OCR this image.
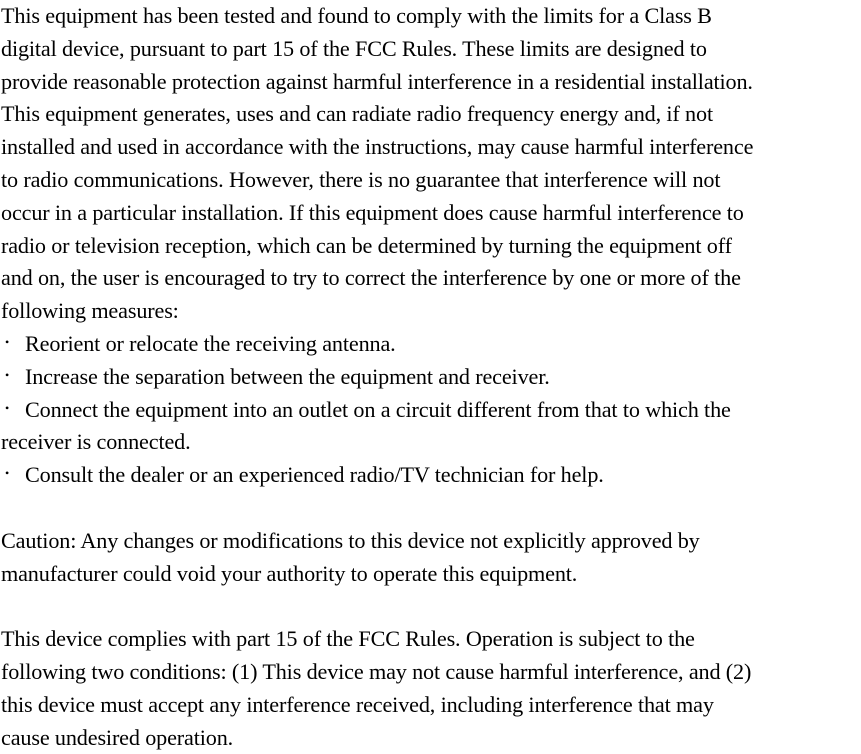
This equipment has been tested and found to comply with the limits for a Class B
digital device, pursuant to part 15 of the FCC Rules. These limits are designed to
provide reasonable protection against harmful interference in a residential installation.
This equipment generates, uses and can radiate radio frequency energy and, if not
installed and used in accordance with the instructions, may cause harmful interference
to radio communications. However, there is no guarantee that interference will not
occur in a particular installation. If this equipment does cause harmful interference to
radio or television reception, which can be determined by turning the equipment off
and on, the user is encouraged to try to correct the interference by one or more of the
following measures:
• Reorient or relocate the receiving antenna.
• Increase the separation between the equipment and receiver.
• Connect the equipment into an outlet on a circuit different from that to which the
receiver is connected.
• Consult the dealer or an experienced radio/TV technician for help.
Caution: Any changes or modifications to this device not explicitly approved by
manufacturer could void your authority to operate this equipment.
This device complies with part 15 of the FCC Rules. Operation is subject to the
following two conditions: (1) This device may not cause harmful interference, and (2)
this device must accept any interference received, including interference that may
cause undesired operation.
